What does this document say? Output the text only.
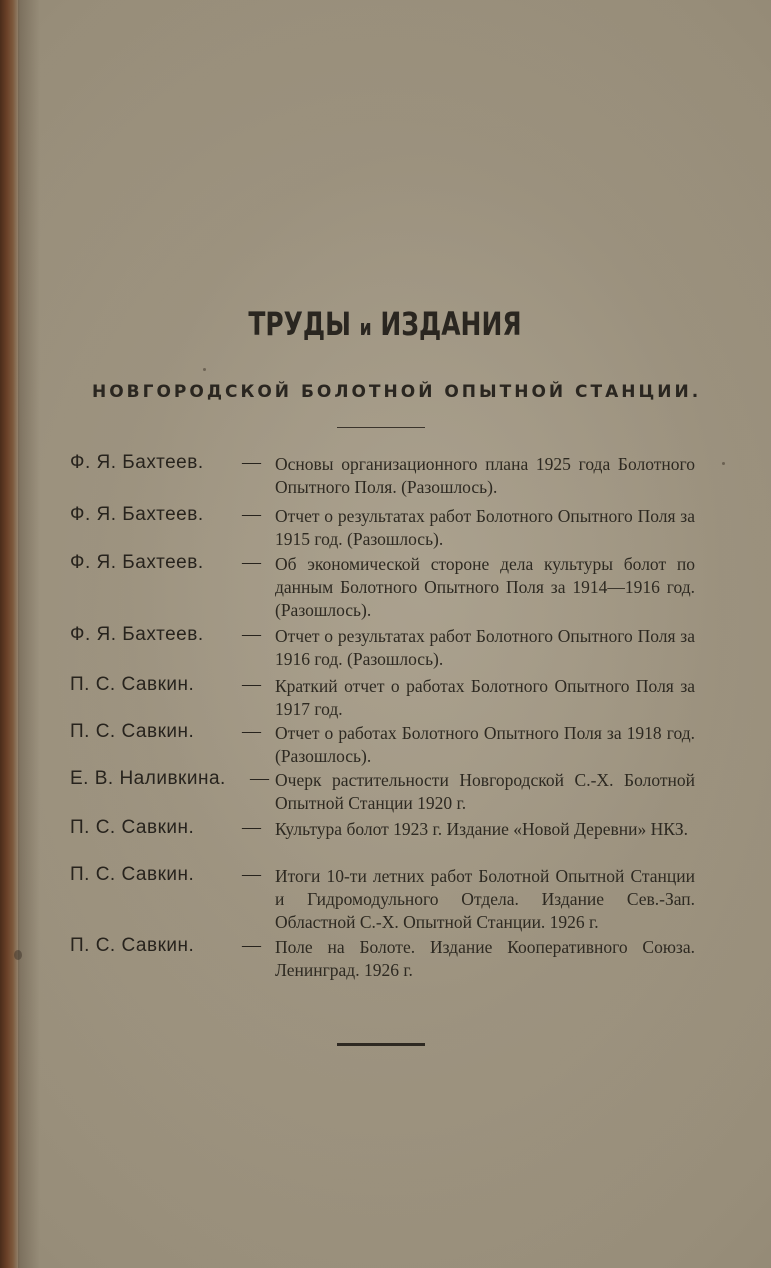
ТРУДЫ и ИЗДАНИЯ
НОВГОРОДСКОЙ БОЛОТНОЙ ОПЫТНОЙ СТАНЦИИ.
Ф. Я. Бахтеев. — Основы организационного плана 1925 года Болотного Опытного Поля. (Разошлось).
Ф. Я. Бахтеев. — Отчет о результатах работ Болотного Опытного Поля за 1915 год. (Разошлось).
Ф. Я. Бахтеев. — Об экономической стороне дела культуры болот по данным Болотного Опытного Поля за 1914—1916 год. (Разошлось).
Ф. Я. Бахтеев. — Отчет о результатах работ Болотного Опытного Поля за 1916 год. (Разошлось).
П. С. Савкин.	— Краткий отчет о работах Болотного Опытного Поля за 1917 год.
П. С. Савкин.	— Отчет о работах Болотного Опытного Поля за 1918 год. (Разошлось).
Е. В. Наливкина. — Очерк растительности Новгородской С.-Х. Болотной Опытной Станции 1920 г.
П. С. Савкин.	— Культура болот 1923 г. Издание «Новой Деревни» НКЗ.
П. С. Савкин.	— Итоги 10-ти летних работ Болотной Опытной Станции и Гидромодульного Отдела. Издание Сев.-Зап. Областной С.-Х. Опытной Станции. 1926 г.
П. С. Савкин.	— Поле на Болоте. Издание Кооперативного Союза. Ленинград. 1926 г.
